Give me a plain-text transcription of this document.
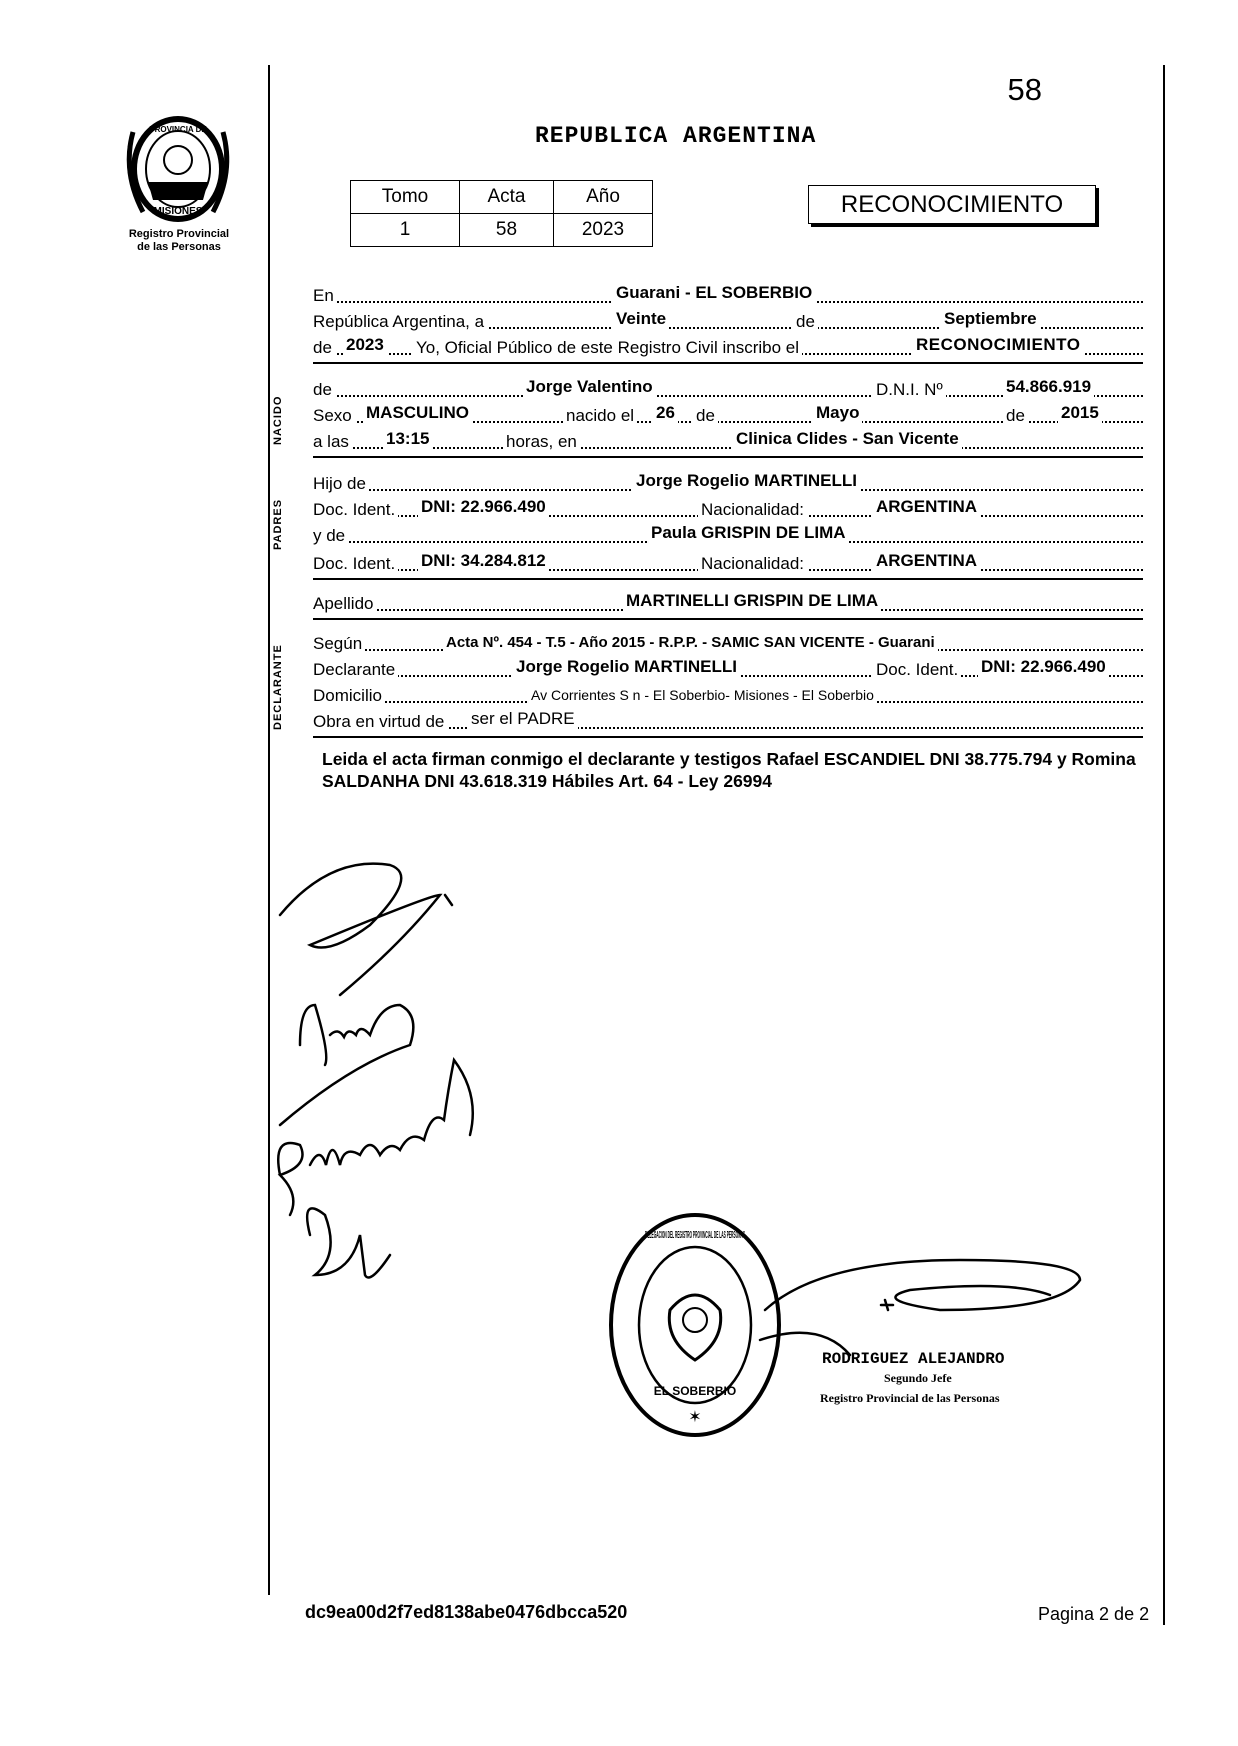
58
PROVINCIA DE
MISIONES
Registro Provincial
de las Personas
REPUBLICA ARGENTINA
Tomo	Acta	Año
1	58	2023
RECONOCIMIENTO
En	Guarani - EL SOBERBIO
República Argentina, a	Veinte	de	Septiembre
de 2023 Yo, Oficial Público de este Registro Civil inscribo el	RECONOCIMIENTO
NACIDO
de	Jorge Valentino	D.N.I. Nº	54.866.919
Sexo MASCULINO	nacido el 26 de	Mayo	de 2015
a las 13:15	horas, en	Clinica Clides - San Vicente
PADRES
Hijo de	Jorge Rogelio MARTINELLI
Doc. Ident. DNI: 22.966.490	Nacionalidad:	ARGENTINA
y de	Paula GRISPIN DE LIMA
Doc. Ident. DNI: 34.284.812	Nacionalidad:	ARGENTINA
Apellido	MARTINELLI GRISPIN DE LIMA
DECLARANTE
Según	Acta Nº. 454 - T.5 - Año 2015 - R.P.P. - SAMIC SAN VICENTE - Guarani
Declarante	Jorge Rogelio MARTINELLI	Doc. Ident. DNI: 22.966.490
Domicilio	Av Corrientes S n - El Soberbio- Misiones - El Soberbio
Obra en virtud de ser el PADRE
Leida el acta firman conmigo el declarante y testigos Rafael ESCANDIEL DNI 38.775.794 y Romina SALDANHA DNI 43.618.319 Hábiles Art. 64 - Ley 26994
DELEGACION DEL REGISTRO PROVINCIAL DE LAS PERSONAS
EL SOBERBIO
✶
RODRIGUEZ ALEJANDRO
Segundo Jefe
Registro Provincial de las Personas
dc9ea00d2f7ed8138abe0476dbcca520	Pagina 2 de 2
